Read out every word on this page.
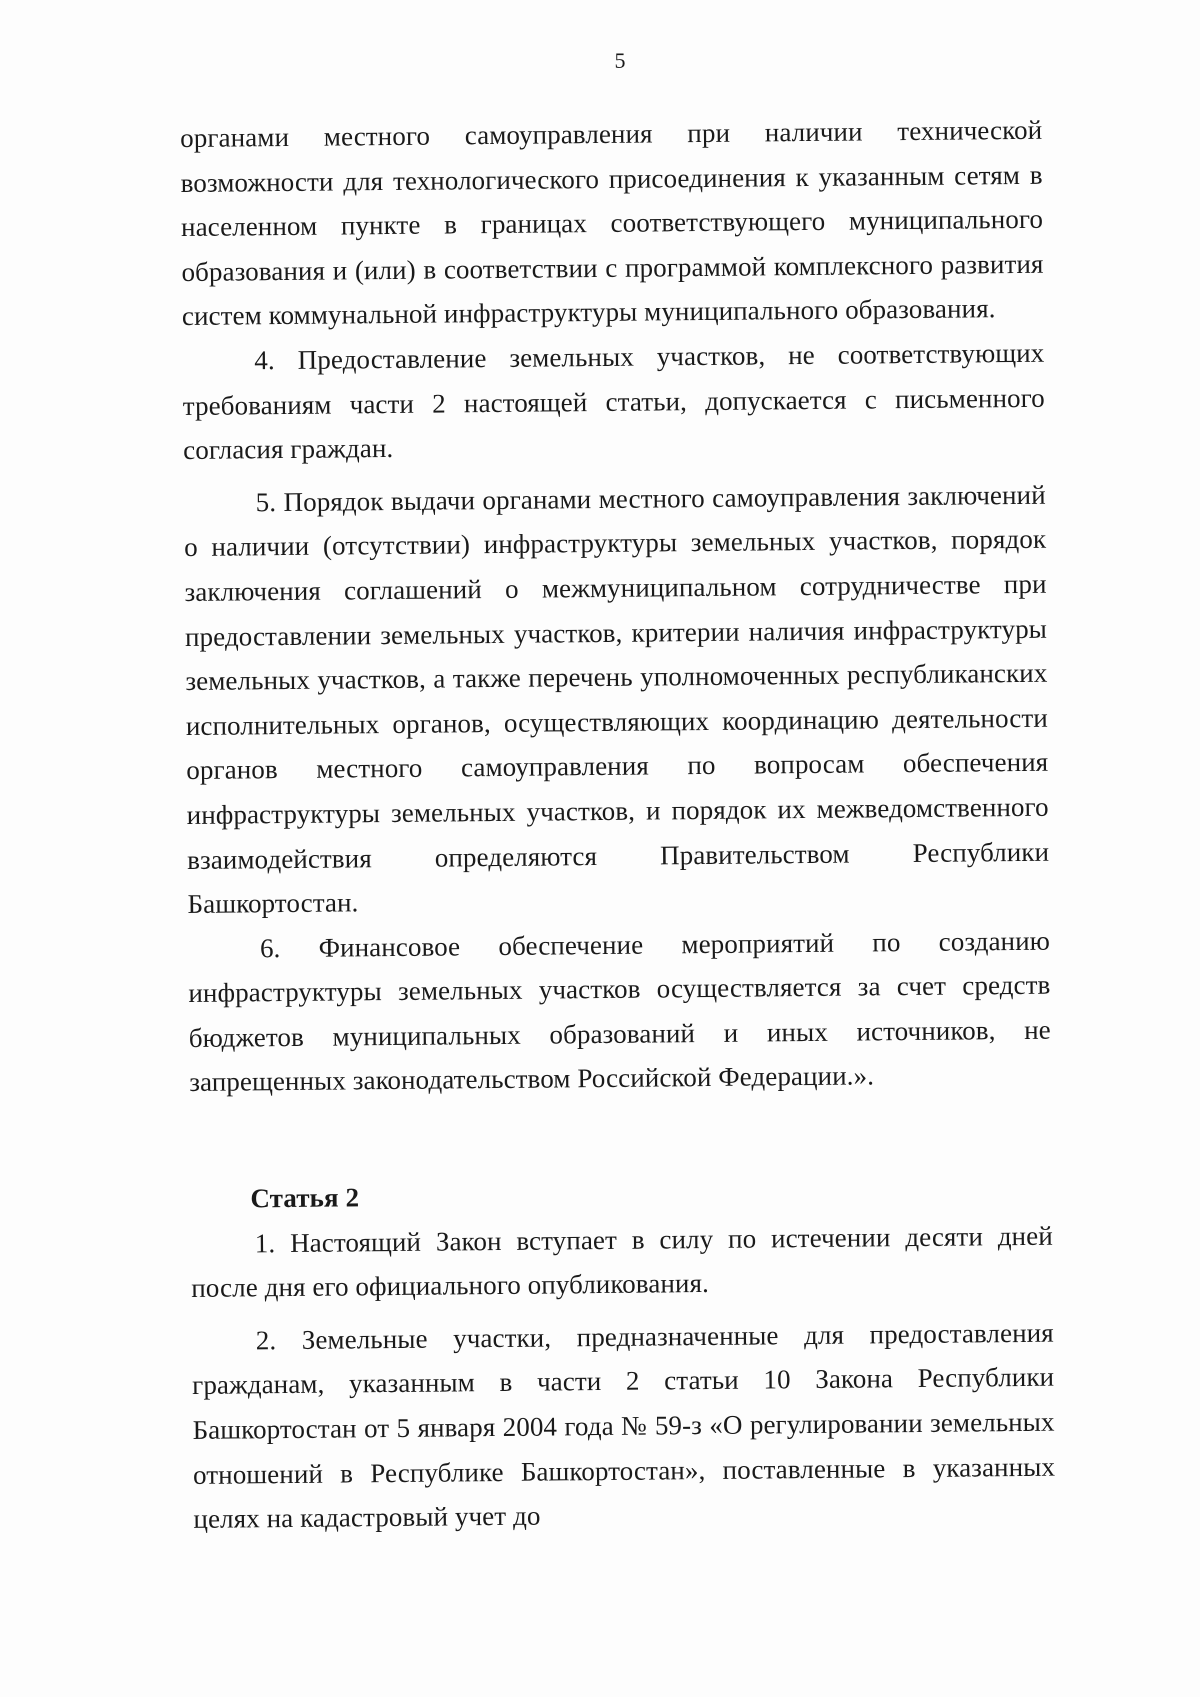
5

органами местного самоуправления при наличии технической возможности для технологического присоединения к указанным сетям в населенном пункте в границах соответствующего муниципального образования и (или) в соответствии с программой комплексного развития систем коммунальной инфраструктуры муниципального образования.

4. Предоставление земельных участков, не соответствующих требованиям части 2 настоящей статьи, допускается с письменного согласия граждан.

5. Порядок выдачи органами местного самоуправления заключений о наличии (отсутствии) инфраструктуры земельных участков, порядок заключения соглашений о межмуниципальном сотрудничестве при предоставлении земельных участков, критерии наличия инфраструктуры земельных участков, а также перечень уполномоченных республиканских исполнительных органов, осуществляющих координацию деятельности органов местного самоуправления по вопросам обеспечения инфраструктуры земельных участков, и порядок их межведомственного взаимодействия определяются Правительством Республики Башкортостан.

6. Финансовое обеспечение мероприятий по созданию инфраструктуры земельных участков осуществляется за счет средств бюджетов муниципальных образований и иных источников, не запрещенных законодательством Российской Федерации.».

Статья 2

1. Настоящий Закон вступает в силу по истечении десяти дней после дня его официального опубликования.

2. Земельные участки, предназначенные для предоставления гражданам, указанным в части 2 статьи 10 Закона Республики Башкортостан от 5 января 2004 года № 59-з «О регулировании земельных отношений в Республике Башкортостан», поставленные в указанных целях на кадастровый учет до
